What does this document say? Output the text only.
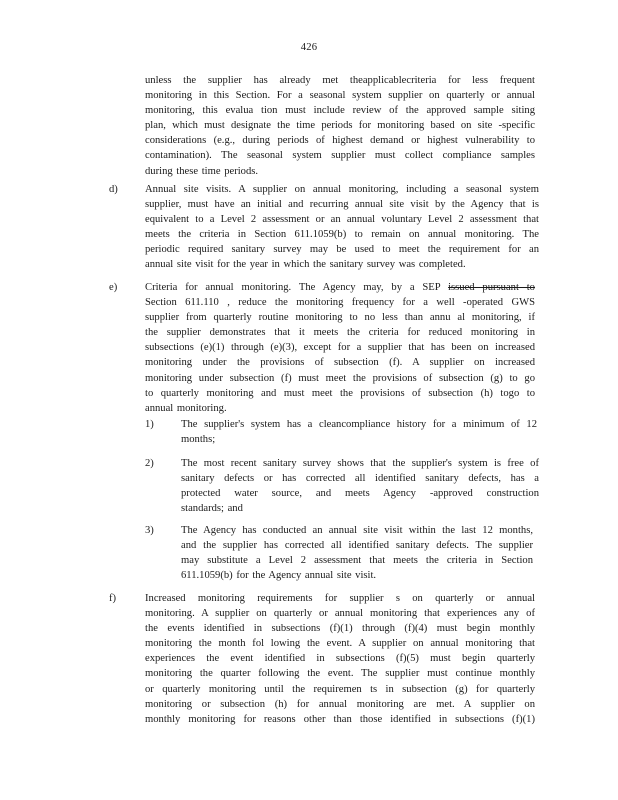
426
unless the supplier has already met theapplicablecriteria for less frequent
monitoring in this Section. For a seasonal system supplier on quarterly or annual
monitoring, this evalua tion must include review of the approved sample siting
plan, which must designate the time periods for monitoring based on site -specific
considerations (e.g., during periods of highest demand or highest vulnerability to
contamination). The seasonal system supplier must collect compliance samples
during these time periods.
d)	Annual site visits. A supplier on annual monitoring, including a seasonal system
supplier, must have an initial and recurring annual site visit by the Agency that is
equivalent to a Level 2 assessment or an annual voluntary Level 2 assessment that
meets the criteria in Section 611.1059(b) to remain on annual monitoring. The
periodic required sanitary survey may be used to meet the requirement for an
annual site visit for the year in which the sanitary survey was completed.
e)	Criteria for annual monitoring. The Agency may, by a SEP issued pursuant to
Section 611.110 , reduce the monitoring frequency for a well -operated GWS
supplier from quarterly routine monitoring to no less than annu al monitoring, if
the supplier demonstrates that it meets the criteria for reduced monitoring in
subsections (e)(1) through (e)(3), except for a supplier that has been on increased
monitoring under the provisions of subsection (f). A supplier on increased
monitoring under subsection (f) must meet the provisions of subsection (g) to go
to quarterly monitoring and must meet the provisions of subsection (h) togo to
annual monitoring.
1)	The supplier's system has a cleancompliance history for a minimum of 12
months;
2)	The most recent sanitary survey shows that the supplier's system is free of
sanitary defects or has corrected all identified sanitary defects, has a
protected water source, and meets Agency -approved construction
standards; and
3)	The Agency has conducted an annual site visit within the last 12 months,
and the supplier has corrected all identified sanitary defects. The supplier
may substitute a Level 2 assessment that meets the criteria in Section
611.1059(b) for the Agency annual site visit.
f)	Increased monitoring requirements for supplier s on quarterly or annual
monitoring. A supplier on quarterly or annual monitoring that experiences any of
the events identified in subsections (f)(1) through (f)(4) must begin monthly
monitoring the month fol lowing the event. A supplier on annual monitoring that
experiences the event identified in subsections (f)(5) must begin quarterly
monitoring the quarter following the event. The supplier must continue monthly
or quarterly monitoring until the requiremen ts in subsection (g) for quarterly
monitoring or subsection (h) for annual monitoring are met. A supplier on
monthly monitoring for reasons other than those identified in subsections (f)(1)
